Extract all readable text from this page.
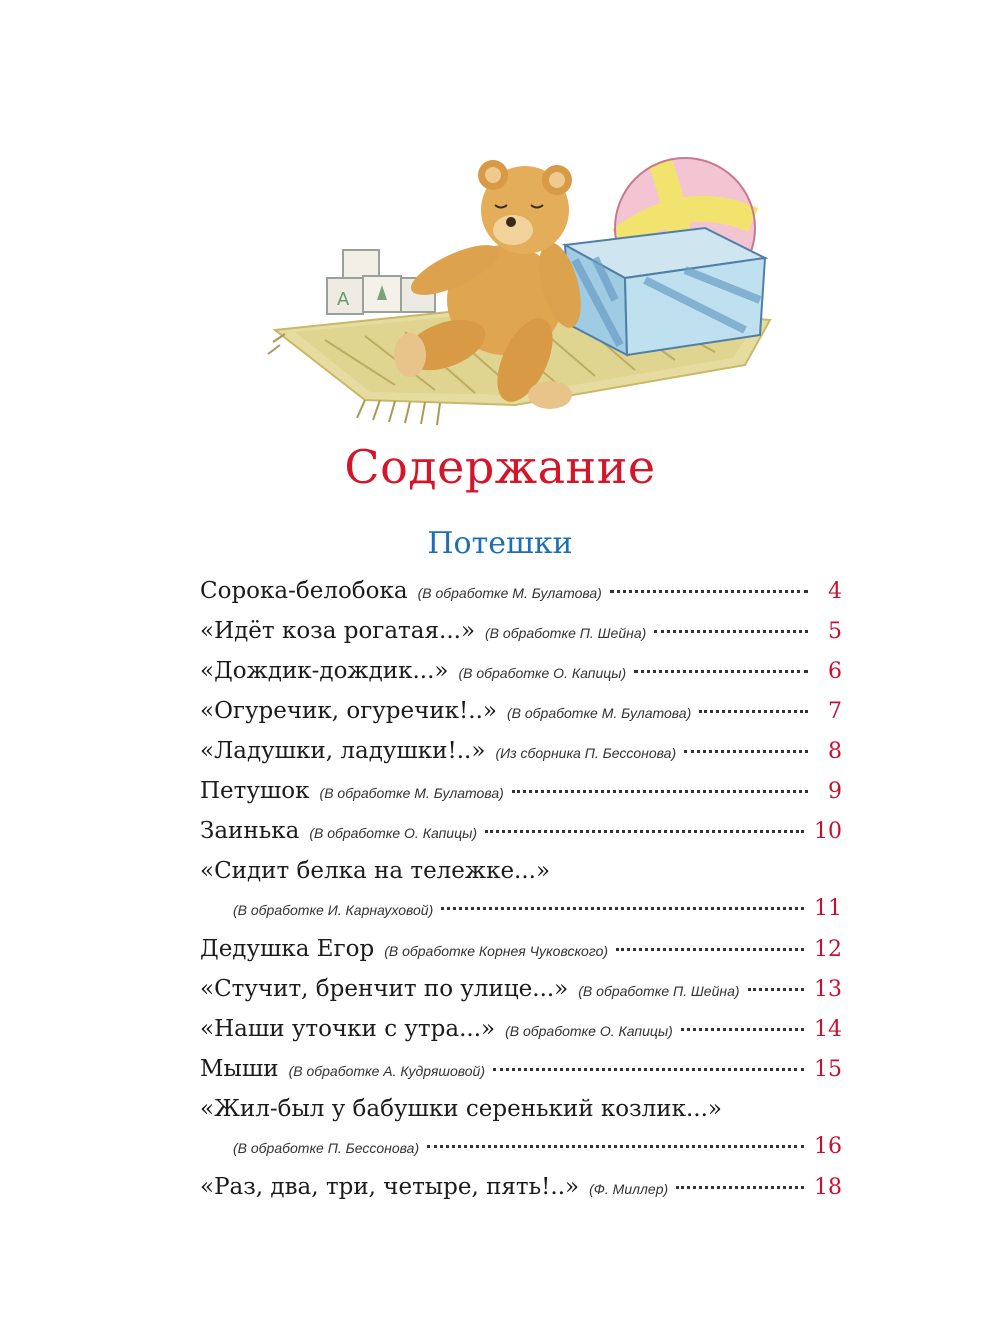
А
Содержание
Потешки
Сорока-белобока (В обработке М. Булатова)	4
«Идёт коза рогатая...» (В обработке П. Шейна)	5
«Дождик-дождик...» (В обработке О. Капицы)	6
«Огуречик, огуречик!..» (В обработке М. Булатова)	7
«Ладушки, ладушки!..» (Из сборника П. Бессонова)	8
Петушок (В обработке М. Булатова)	9
Заинька (В обработке О. Капицы)	10
«Сидит белка на тележке...»
(В обработке И. Карнауховой)	11
Дедушка Егор (В обработке Корнея Чуковского)	12
«Стучит, бренчит по улице...» (В обработке П. Шейна)	13
«Наши уточки с утра...» (В обработке О. Капицы)	14
Мыши (В обработке А. Кудряшовой)	15
«Жил-был у бабушки серенький козлик...»
(В обработке П. Бессонова)	16
«Раз, два, три, четыре, пять!..» (Ф. Миллер)	18
